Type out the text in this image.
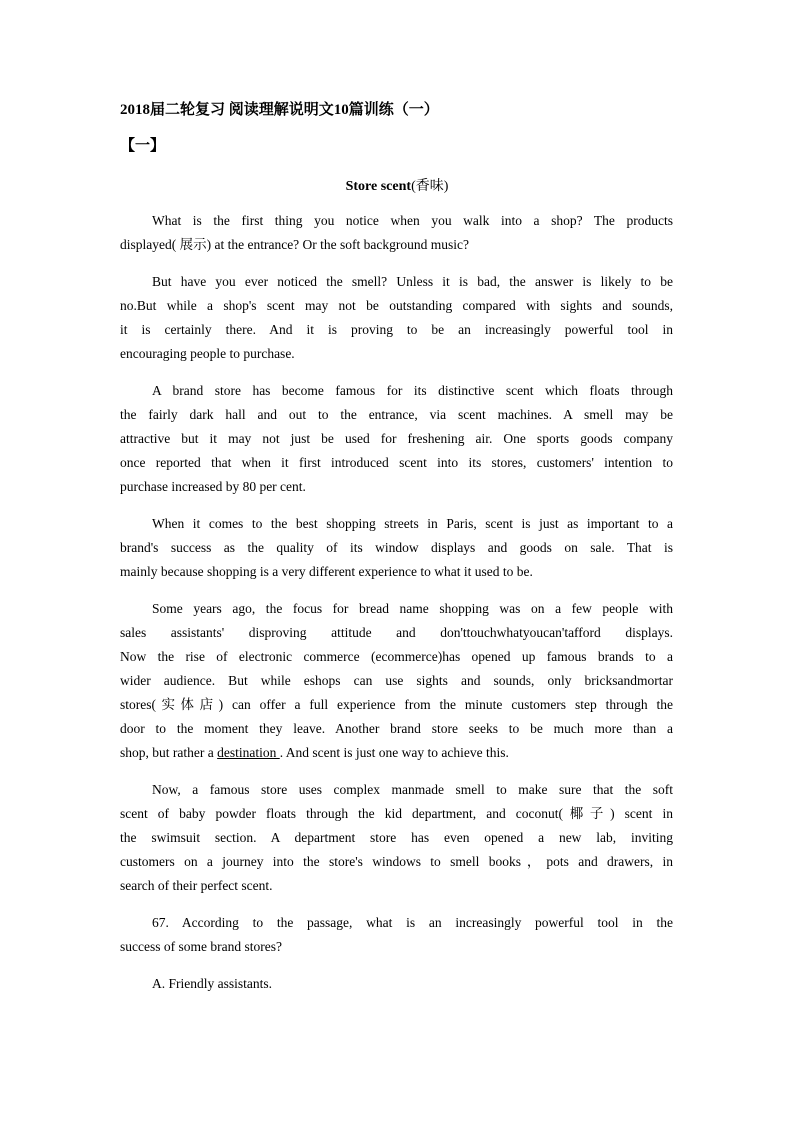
2018届二轮复习 阅读理解说明文10篇训练（一）
【一】
Store scent(香味)
What is the first thing you notice when you walk into a shop? The products
displayed( 展示) at the entrance? Or the soft background music?
But have you ever noticed the smell? Unless it is bad, the answer is likely to be
no.But while a shop's scent may not be outstanding compared with sights and sounds,
it is certainly there. And it is proving to be an increasingly powerful tool in
encouraging people to purchase.
A brand store has become famous for its distinctive scent which floats through
the fairly dark hall and out to the entrance, via scent machines. A smell may be
attractive but it may not just be used for freshening air. One sports goods company
once reported that when it first introduced scent into its stores, customers' intention to
purchase increased by 80 per cent.
When it comes to the best shopping streets in Paris, scent is just as important to a
brand's success as the quality of its window displays and goods on sale. That is
mainly because shopping is a very different experience to what it used to be.
Some years ago, the focus for bread name shopping was on a few people with
sales assistants' disproving attitude and don'ttouchwhatyoucan'tafford displays.
Now the rise of electronic commerce (ecommerce)has opened up famous brands to a
wider audience. But while eshops can use sights and sounds, only bricksandmortar
stores(实体店) can offer a full experience from the minute customers step through the
door to the moment they leave. Another brand store seeks to be much more than a
shop, but rather a destination . And scent is just one way to achieve this.
Now, a famous store uses complex manmade smell to make sure that the soft
scent of baby powder floats through the kid department, and coconut(椰子) scent in
the swimsuit section. A department store has even opened a new lab, inviting
customers on a journey into the store's windows to smell books，pots and drawers, in
search of their perfect scent.
67. According to the passage, what is an increasingly powerful tool in the
success of some brand stores?
A. Friendly assistants.
